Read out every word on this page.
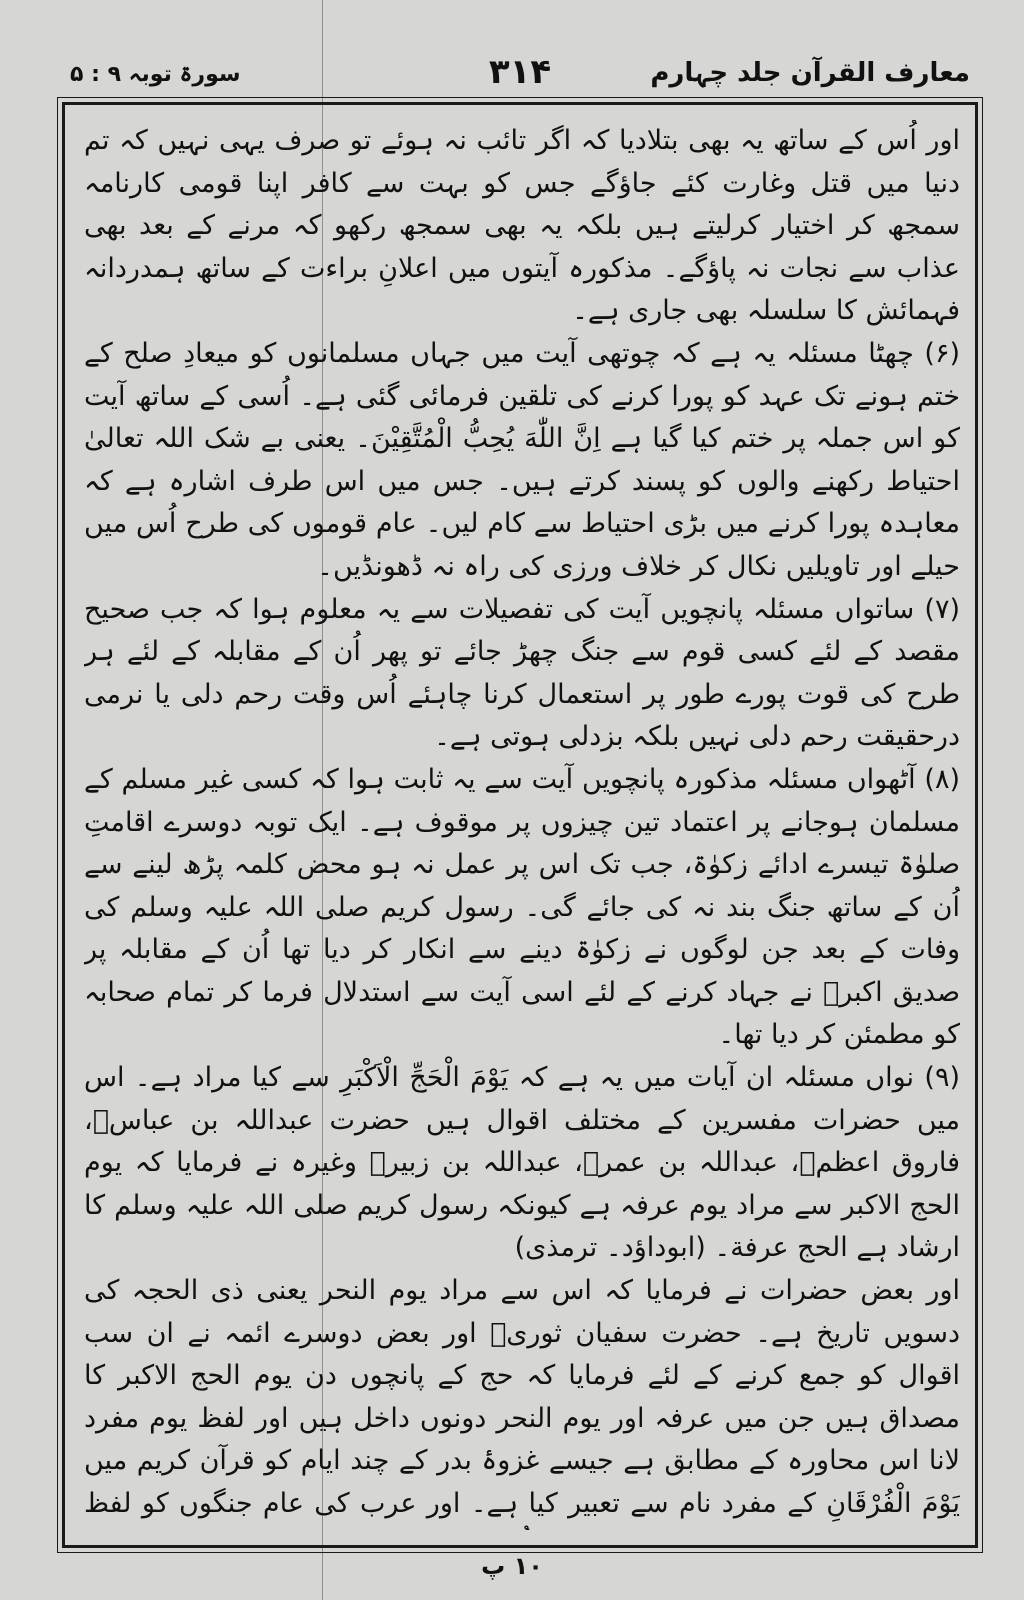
معارف القرآن جلد چہارم
۳۱۴
سورۃ توبہ ۹ : ۵

اور اُس کے ساتھ یہ بھی بتلادیا کہ اگر تائب نہ ہوئے تو صرف یہی نہیں کہ تم دنیا میں قتل وغارت کئے جاؤگے جس کو بہت سے کافر اپنا قومی کارنامہ سمجھ کر اختیار کرلیتے ہیں بلکہ یہ بھی سمجھ رکھو کہ مرنے کے بعد بھی عذاب سے نجات نہ پاؤگے۔ مذکورہ آیتوں میں اعلانِ براءت کے ساتھ ہمدردانہ فہمائش کا سلسلہ بھی جاری ہے۔

(۶) چھٹا مسئلہ یہ ہے کہ چوتھی آیت میں جہاں مسلمانوں کو میعادِ صلح کے ختم ہونے تک عہد کو پورا کرنے کی تلقین فرمائی گئی ہے۔ اُسی کے ساتھ آیت کو اس جملہ پر ختم کیا گیا ہے اِنَّ اللّٰهَ يُحِبُّ الْمُتَّقِيْنَ۔ یعنی بے شک اللہ تعالیٰ احتیاط رکھنے والوں کو پسند کرتے ہیں۔ جس میں اس طرف اشارہ ہے کہ معاہدہ پورا کرنے میں بڑی احتیاط سے کام لیں۔ عام قوموں کی طرح اُس میں حیلے اور تاویلیں نکال کر خلاف ورزی کی راہ نہ ڈھونڈیں۔

(۷) ساتواں مسئلہ پانچویں آیت کی تفصیلات سے یہ معلوم ہوا کہ جب صحیح مقصد کے لئے کسی قوم سے جنگ چھڑ جائے تو پھر اُن کے مقابلہ کے لئے ہر طرح کی قوت پورے طور پر استعمال کرنا چاہئے اُس وقت رحم دلی یا نرمی درحقیقت رحم دلی نہیں بلکہ بزدلی ہوتی ہے۔

(۸) آٹھواں مسئلہ مذکورہ پانچویں آیت سے یہ ثابت ہوا کہ کسی غیر مسلم کے مسلمان ہوجانے پر اعتماد تین چیزوں پر موقوف ہے۔ ایک توبہ دوسرے اقامتِ صلوٰۃ تیسرے ادائے زکوٰۃ، جب تک اس پر عمل نہ ہو محض کلمہ پڑھ لینے سے اُن کے ساتھ جنگ بند نہ کی جائے گی۔ رسول کریم صلی اللہ علیہ وسلم کی وفات کے بعد جن لوگوں نے زکوٰۃ دینے سے انکار کر دیا تھا اُن کے مقابلہ پر صدیق اکبرؓ نے جہاد کرنے کے لئے اسی آیت سے استدلال فرما کر تمام صحابہ کو مطمئن کر دیا تھا۔

(۹) نواں مسئلہ ان آیات میں یہ ہے کہ يَوْمَ الْحَجِّ الْاَكْبَرِ سے کیا مراد ہے۔ اس میں حضرات مفسرین کے مختلف اقوال ہیں حضرت عبداللہ بن عباسؓ، فاروق اعظمؓ، عبداللہ بن عمرؓ، عبداللہ بن زبیرؓ وغیرہ نے فرمایا کہ یوم الحج الاکبر سے مراد یوم عرفہ ہے کیونکہ رسول کریم صلی اللہ علیہ وسلم کا ارشاد ہے الحج عرفة۔ (ابوداؤد۔ ترمذی)

اور بعض حضرات نے فرمایا کہ اس سے مراد یوم النحر یعنی ذی الحجہ کی دسویں تاریخ ہے۔ حضرت سفیان ثوریؒ اور بعض دوسرے ائمہ نے ان سب اقوال کو جمع کرنے کے لئے فرمایا کہ حج کے پانچوں دن یوم الحج الاکبر کا مصداق ہیں جن میں عرفہ اور یوم النحر دونوں داخل ہیں اور لفظ یوم مفرد لانا اس محاورہ کے مطابق ہے جیسے غزوۂ بدر کے چند ایام کو قرآن کریم میں يَوْمَ الْفُرْقَانِ کے مفرد نام سے تعبیر کیا ہے۔ اور عرب کی عام جنگوں کو لفظ

۱۰ پ
